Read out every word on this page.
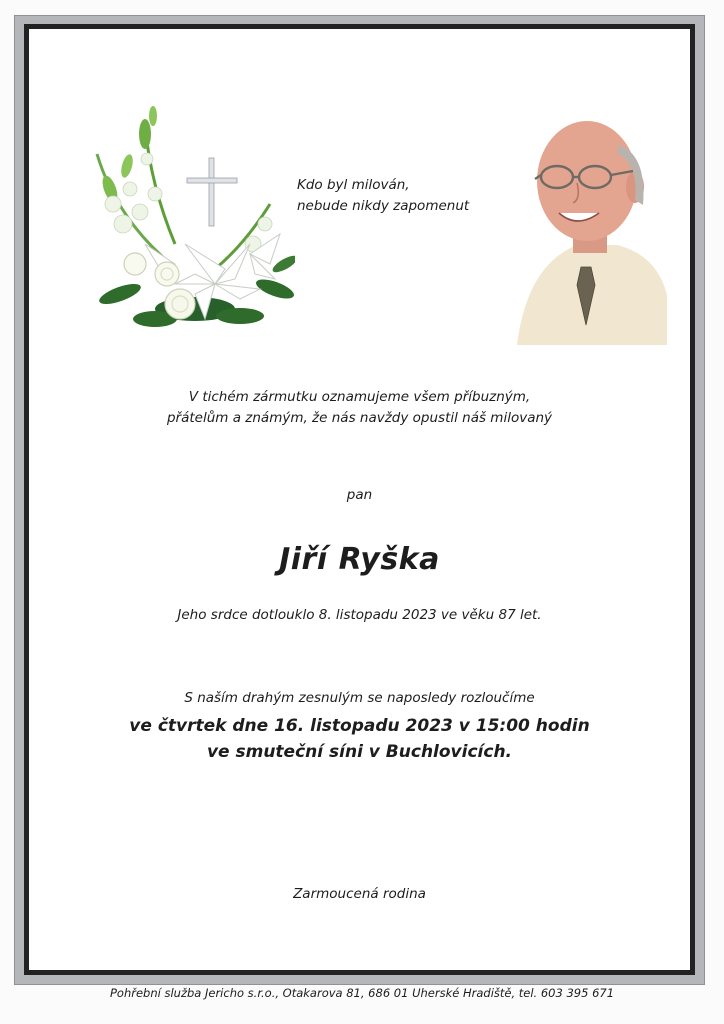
Kdo byl milován,
nebude nikdy zapomenut
V tichém zármutku oznamujeme všem příbuzným,
přátelům a známým, že nás navždy opustil náš milovaný
pan
Jiří Ryška
Jeho srdce dotlouklo 8. listopadu 2023 ve věku 87 let.
S naším drahým zesnulým se naposledy rozloučíme
ve čtvrtek dne 16. listopadu 2023 v 15:00 hodin
ve smuteční síni v Buchlovicích.
Zarmoucená rodina
Pohřební služba Jericho s.r.o., Otakarova 81, 686 01 Uherské Hradiště, tel. 603 395 671
